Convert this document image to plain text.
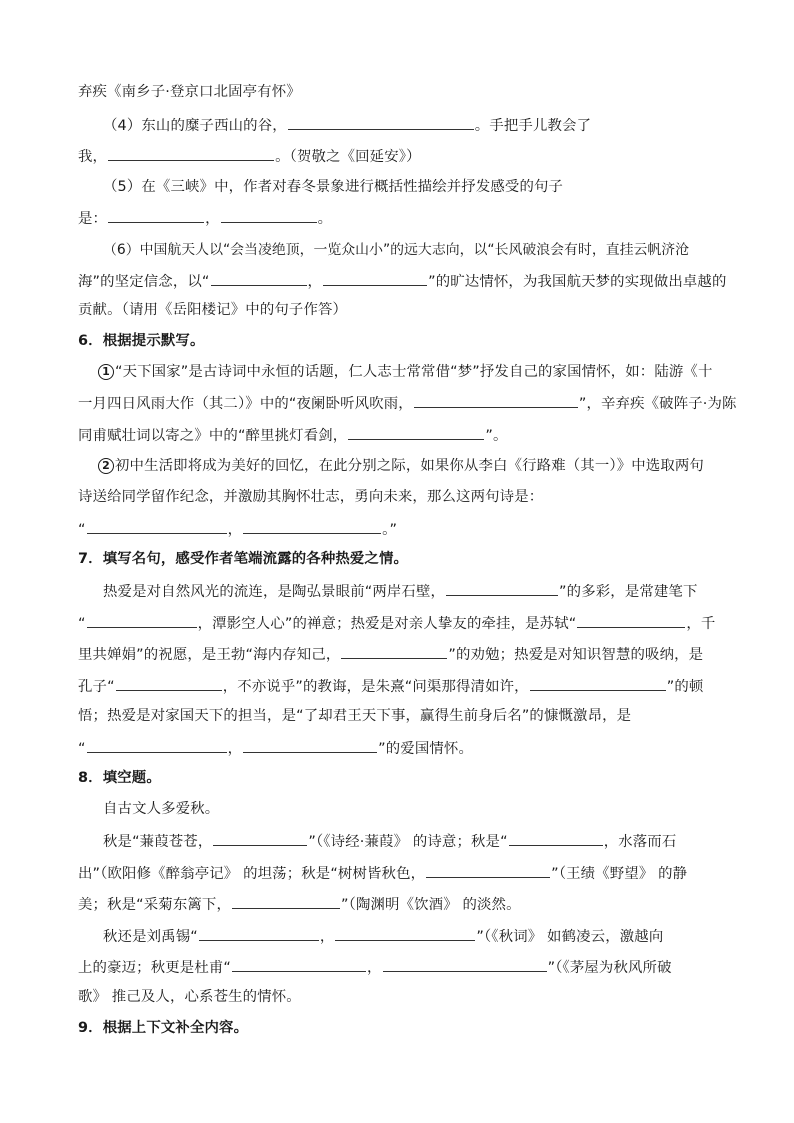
弃疾《南乡子·登京口北固亭有怀》
（4）东山的糜子西山的谷，	。手把手儿教会了
我，	。（贺敬之《回延安》）
（5）在《三峡》中，作者对春冬景象进行概括性描绘并抒发感受的句子
是：	，	。
（6）中国航天人以“会当凌绝顶，一览众山小”的远大志向，以“长风破浪会有时，直挂云帆济沧
海”的坚定信念，以“	，	”的旷达情怀，为我国航天梦的实现做出卓越的
贡献。（请用《岳阳楼记》中的句子作答）
6．根据提示默写。
1 “天下国家”是古诗词中永恒的话题，仁人志士常常借“梦”抒发自己的家国情怀，如：陆游《十
一月四日风雨大作（其二）》中的“夜阑卧听风吹雨，	”，辛弃疾《破阵子·为陈
同甫赋壮词以寄之》中的“醉里挑灯看剑，	”。
2 初中生活即将成为美好的回忆，在此分别之际，如果你从李白《行路难（其一）》中选取两句
诗送给同学留作纪念，并激励其胸怀壮志，勇向未来，那么这两句诗是：
“	，	。”
7．填写名句，感受作者笔端流露的各种热爱之情。
热爱是对自然风光的流连，是陶弘景眼前“两岸石壁，	”的多彩，是常建笔下
“	，潭影空人心”的禅意；热爱是对亲人挚友的牵挂，是苏轼“	，千
里共婵娟”的祝愿，是王勃“海内存知己，	”的劝勉；热爱是对知识智慧的吸纳，是
孔子“	，不亦说乎”的教诲，是朱熹“问渠那得清如许，	”的顿
悟；热爱是对家国天下的担当，是“了却君王天下事，赢得生前身后名”的慷慨激昂，是
“	，	”的爱国情怀。
8．填空题。
自古文人多爱秋。
秋是“蒹葭苍苍，	”（《诗经·蒹葭》 的诗意；秋是“	，水落而石
出”（欧阳修《醉翁亭记》 的坦荡；秋是“树树皆秋色，	”（王绩《野望》 的静
美；秋是“采菊东篱下，	”（陶渊明《饮酒》 的淡然。
秋还是刘禹锡“	，	”（《秋词》 如鹤凌云，激越向
上的豪迈；秋更是杜甫“	，	”（《茅屋为秋风所破
歌》 推己及人，心系苍生的情怀。
9．根据上下文补全内容。
